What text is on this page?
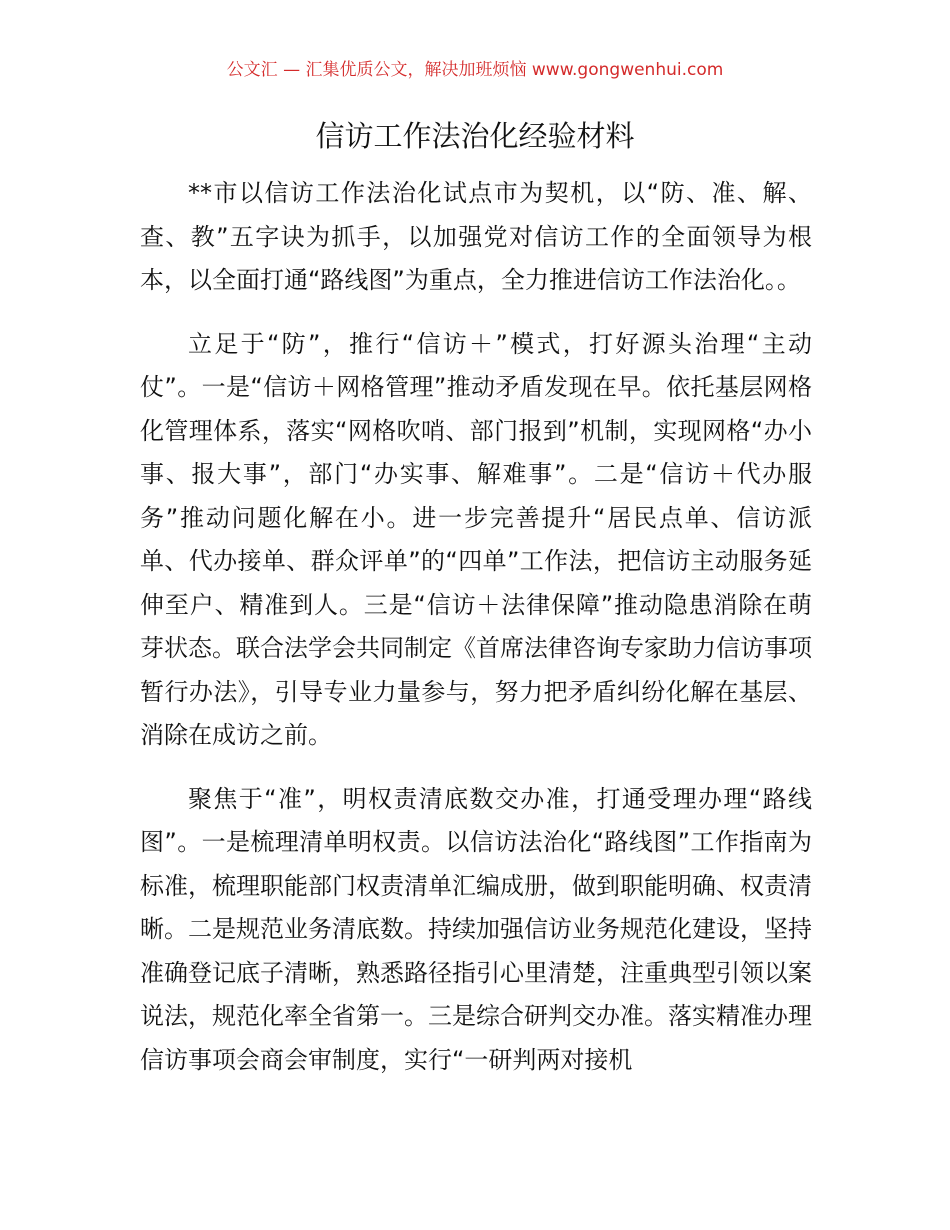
公文汇 — 汇集优质公文，解决加班烦恼 www.gongwenhui.com
信访工作法治化经验材料

**市以信访工作法治化试点市为契机，以“防、准、解、查、教”五字诀为抓手，以加强党对信访工作的全面领导为根本，以全面打通“路线图”为重点，全力推进信访工作法治化。。

立足于“防”，推行“信访＋”模式，打好源头治理“主动仗”。一是“信访＋网格管理”推动矛盾发现在早。依托基层网格化管理体系，落实“网格吹哨、部门报到”机制，实现网格“办小事、报大事”，部门“办实事、解难事”。二是“信访＋代办服务”推动问题化解在小。进一步完善提升“居民点单、信访派单、代办接单、群众评单”的“四单”工作法，把信访主动服务延伸至户、精准到人。三是“信访＋法律保障”推动隐患消除在萌芽状态。联合法学会共同制定《首席法律咨询专家助力信访事项暂行办法》，引导专业力量参与，努力把矛盾纠纷化解在基层、消除在成访之前。

聚焦于“准”，明权责清底数交办准，打通受理办理“路线图”。一是梳理清单明权责。以信访法治化“路线图”工作指南为标准，梳理职能部门权责清单汇编成册，做到职能明确、权责清晰。二是规范业务清底数。持续加强信访业务规范化建设，坚持准确登记底子清晰，熟悉路径指引心里清楚，注重典型引领以案说法，规范化率全省第一。三是综合研判交办准。落实精准办理信访事项会商会审制度，实行“一研判两对接机
